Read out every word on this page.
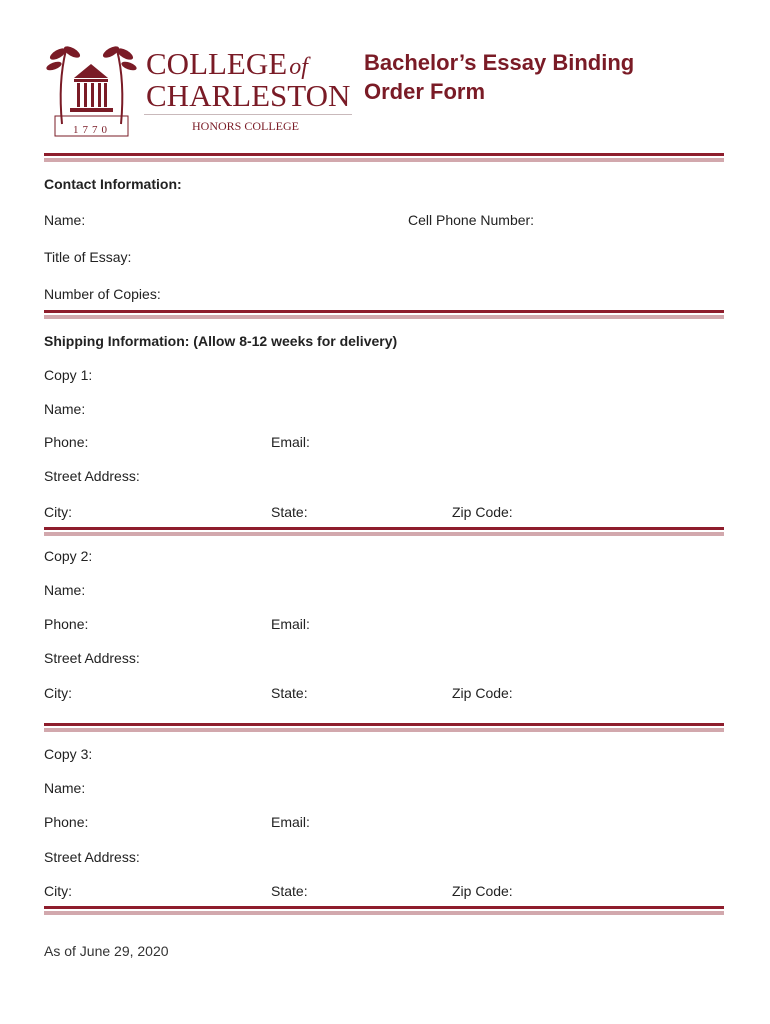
1770
COLLEGEof
CHARLESTON
HONORS COLLEGE
Bachelor’s Essay Binding
Order Form
Contact Information:
Name:	Cell Phone Number:
Title of Essay:
Number of Copies:
Shipping Information: (Allow 8-12 weeks for delivery)
Copy 1:
Name:
Phone:	Email:
Street Address:
City:	State:	Zip Code:
Copy 2:
Name:
Phone:	Email:
Street Address:
City:	State:	Zip Code:
Copy 3:
Name:
Phone:	Email:
Street Address:
City:	State:	Zip Code:
As of June 29, 2020
